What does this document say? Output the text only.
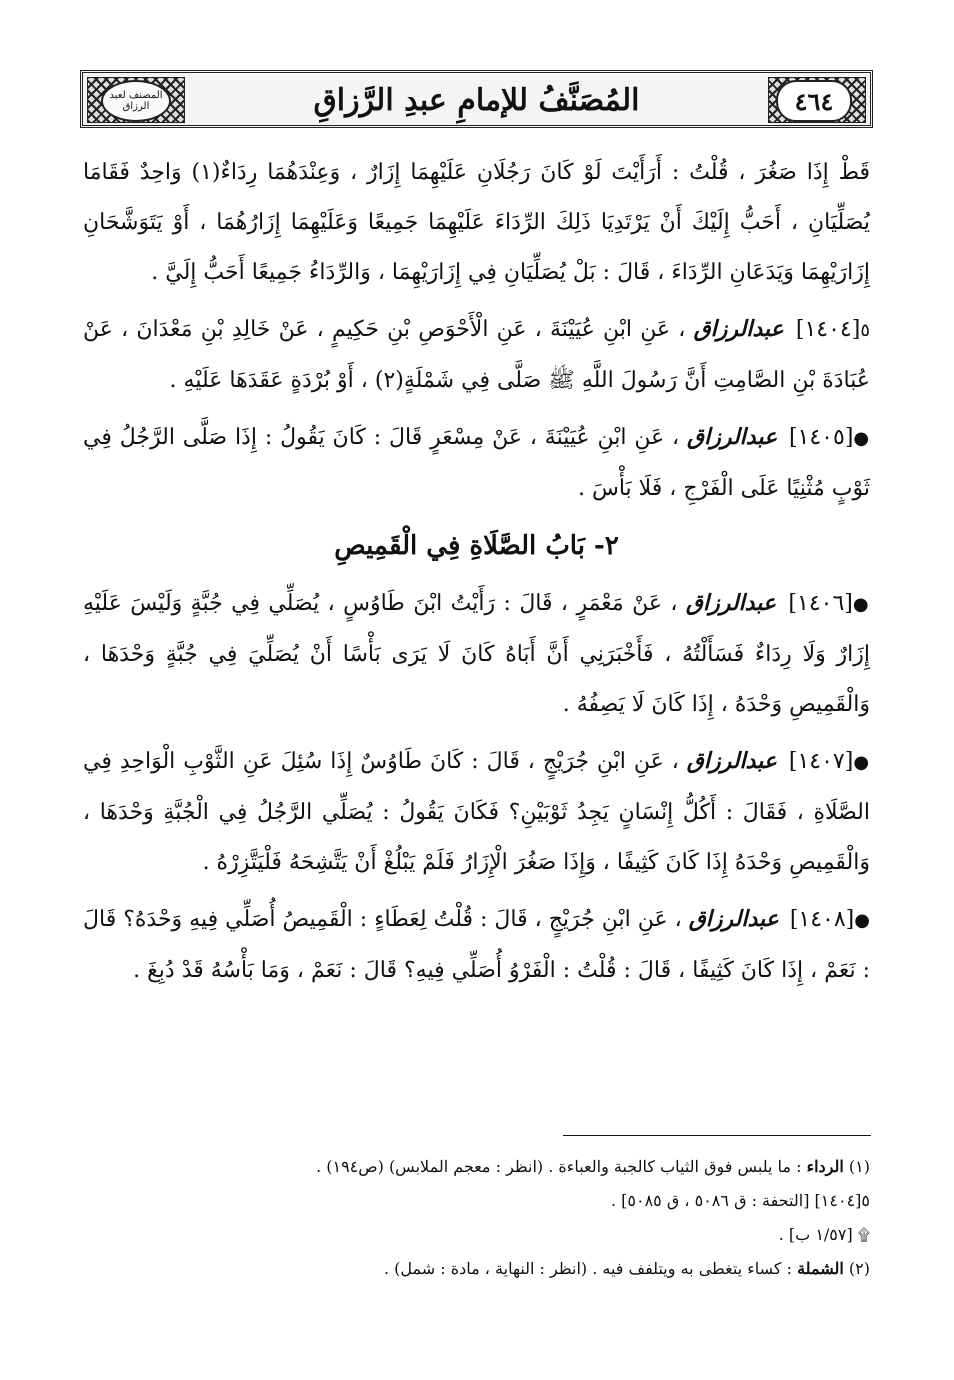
المصنف لعبد الرزاق	٤٦٤
المُصَنَّفُ للإمامِ عبدِ الرَّزاقِ

قَطْ إِذَا صَغُرَ ، قُلْتُ : أَرَأَيْتَ لَوْ كَانَ رَجُلَانِ عَلَيْهِمَا إِزَارٌ ، وَعِنْدَهُمَا رِدَاءٌ(١) وَاحِدٌ فَقَامَا يُصَلِّيَانِ ، أَحَبُّ إِلَيْكَ أَنْ يَرْتَدِيَا ذَلِكَ الرِّدَاءَ عَلَيْهِمَا جَمِيعًا وَعَلَيْهِمَا إِزَارُهُمَا ، أَوْ يَتَوَشَّحَانِ إِزَارَيْهِمَا وَيَدَعَانِ الرِّدَاءَ ، قَالَ : بَلْ يُصَلِّيَانِ فِي إِزَارَيْهِمَا ، وَالرِّدَاءُ جَمِيعًا أَحَبُّ إِلَيَّ .

٥[١٤٠٤] عبدالرزاق ، عَنِ ابْنِ عُيَيْنَةَ ، عَنِ الْأَحْوَصِ بْنِ حَكِيمٍ ، عَنْ خَالِدِ بْنِ مَعْدَانَ ، عَنْ عُبَادَةَ بْنِ الصَّامِتِ أَنَّ رَسُولَ اللَّهِ ﷺ صَلَّى فِي شَمْلَةٍ(٢) ، أَوْ بُرْدَةٍ عَقَدَهَا عَلَيْهِ .

●[١٤٠٥] عبدالرزاق ، عَنِ ابْنِ عُيَيْنَةَ ، عَنْ مِسْعَرٍ قَالَ : كَانَ يَقُولُ : إِذَا صَلَّى الرَّجُلُ فِي ثَوْبٍ مُثْنِيًا عَلَى الْفَرْجِ ، فَلَا بَأْسَ .

٢- بَابُ الصَّلَاةِ فِي الْقَمِيصِ

●[١٤٠٦] عبدالرزاق ، عَنْ مَعْمَرٍ ، قَالَ : رَأَيْتُ ابْنَ طَاوُسٍ ، يُصَلِّي فِي جُبَّةٍ وَلَيْسَ عَلَيْهِ إِزَارٌ وَلَا رِدَاءٌ فَسَأَلْتُهُ ، فَأَخْبَرَنِي أَنَّ أَبَاهُ كَانَ لَا يَرَى بَأْسًا أَنْ يُصَلِّيَ فِي جُبَّةٍ وَحْدَهَا ، وَالْقَمِيصِ وَحْدَهُ ، إِذَا كَانَ لَا يَصِفُهُ .

●[١٤٠٧] عبدالرزاق ، عَنِ ابْنِ جُرَيْجٍ ، قَالَ : كَانَ طَاوُسٌ إِذَا سُئِلَ عَنِ الثَّوْبِ الْوَاحِدِ فِي الصَّلَاةِ ، فَقَالَ : أَكُلُّ إِنْسَانٍ يَجِدُ ثَوْبَيْنِ؟ فَكَانَ يَقُولُ : يُصَلِّي الرَّجُلُ فِي الْجُبَّةِ وَحْدَهَا ، وَالْقَمِيصِ وَحْدَهُ إِذَا كَانَ كَثِيفًا ، وَإِذَا صَغُرَ الْإِزَارُ فَلَمْ يَبْلُغْ أَنْ يَتَّشِحَهُ فَلْيَتَّزِرْهُ .

●[١٤٠٨] عبدالرزاق ، عَنِ ابْنِ جُرَيْجٍ ، قَالَ : قُلْتُ لِعَطَاءٍ : الْقَمِيصُ أُصَلِّي فِيهِ وَحْدَهُ؟ قَالَ : نَعَمْ ، إِذَا كَانَ كَثِيفًا ، قَالَ : قُلْتُ : الْفَرْوُ أُصَلِّي فِيهِ؟ قَالَ : نَعَمْ ، وَمَا بَأْسُهُ قَدْ دُبِغَ .

(١) الرداء : ما يلبس فوق الثياب كالجبة والعباءة . (انظر : معجم الملابس) (ص١٩٤) .

٥[١٤٠٤] [التحفة : ق ٥٠٨٦ ، ق ٥٠٨٥] .

۩ [١/٥٧ ب] .

(٢) الشملة : كساء يتغطى به ويتلفف فيه . (انظر : النهاية ، مادة : شمل) .
